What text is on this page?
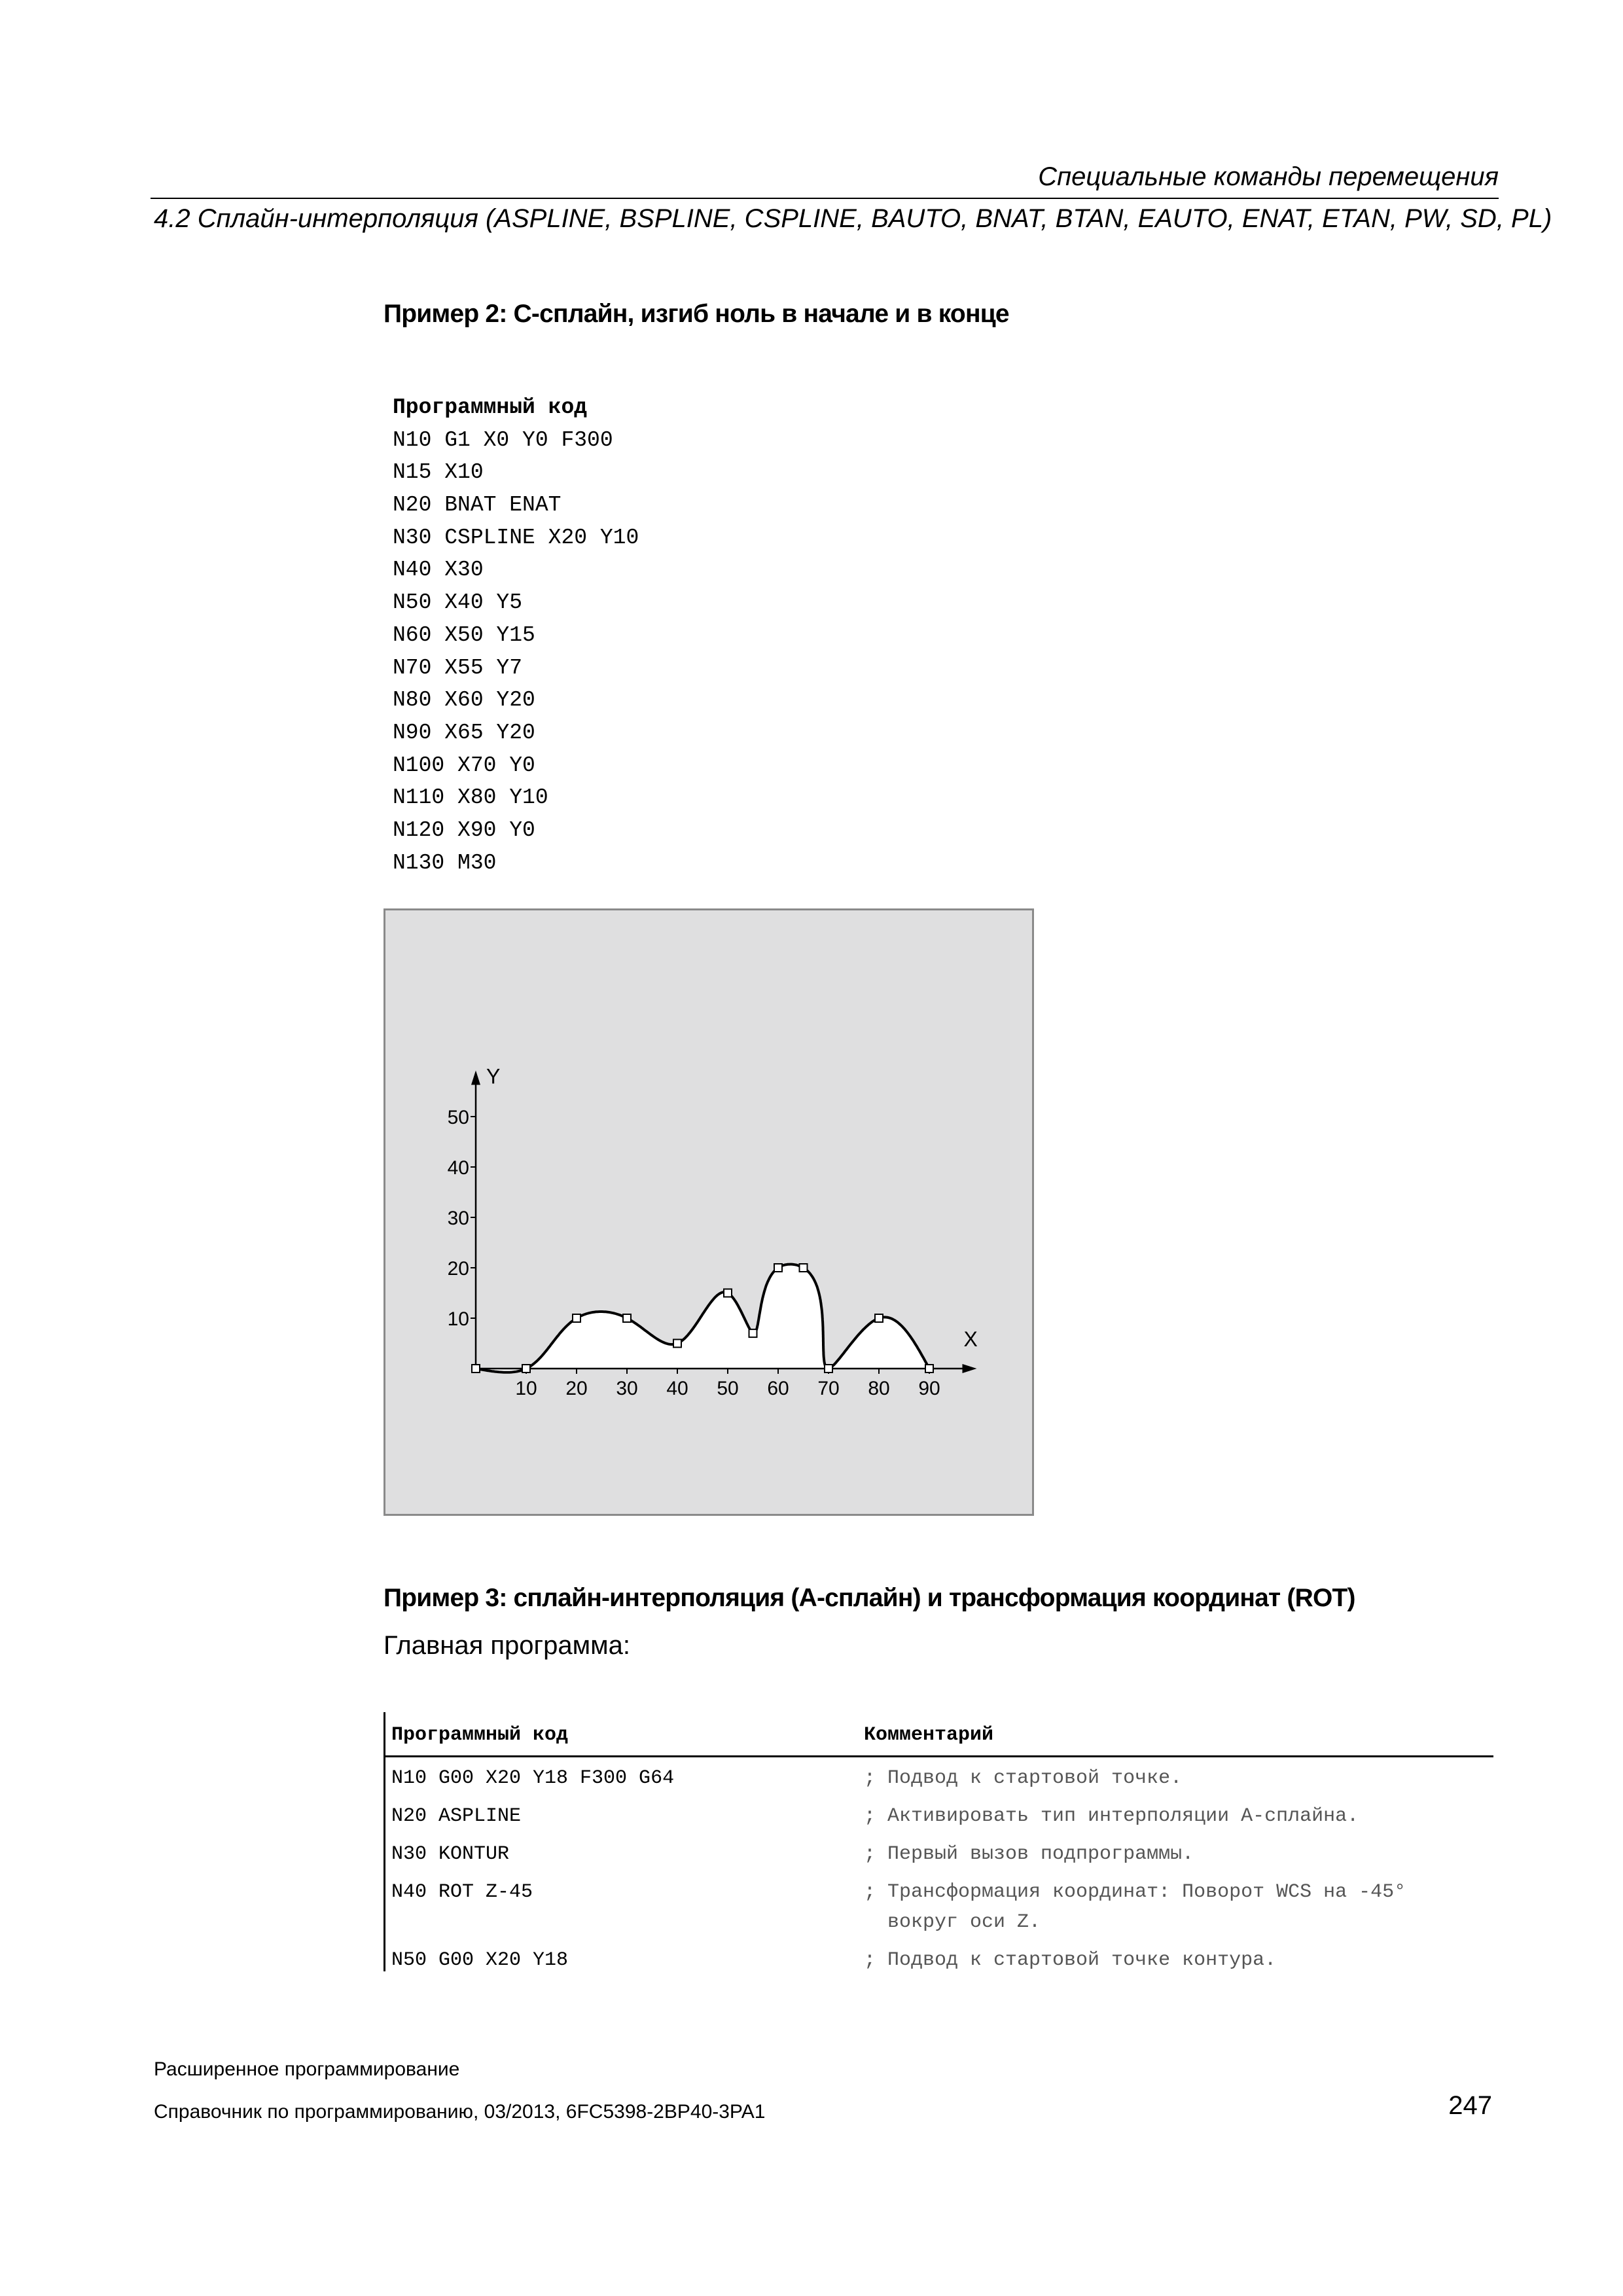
Специальные команды перемещения
4.2 Сплайн-интерполяция (ASPLINE, BSPLINE, CSPLINE, BAUTO, BNAT, BTAN, EAUTO, ENAT, ETAN, PW, SD, PL)
Пример 2: C-сплайн, изгиб ноль в начале и в конце
Программный код
N10 G1 X0 Y0 F300
N15 X10
N20 BNAT ENAT
N30 CSPLINE X20 Y10
N40 X30
N50 X40 Y5
N60 X50 Y15
N70 X55 Y7
N80 X60 Y20
N90 X65 Y20
N100 X70 Y0
N110 X80 Y10
N120 X90 Y0
N130 M30
10 20 30 40 50 60 70 80 90
10
20
30
40
50
X
Y
Пример 3: сплайн-интерполяция (A-сплайн) и трансформация координат (ROT)
Главная программа:
Программный код	Комментарий
N10 G00 X20 Y18 F300 G64	; Подвод к стартовой точке.
N20 ASPLINE	; Активировать тип интерполяции А-сплайна.
N30 KONTUR	; Первый вызов подпрограммы.
N40 ROT Z-45	; Трансформация координат: Поворот WCS на -45°
вокруг оси Z.
N50 G00 X20 Y18	; Подвод к стартовой точке контура.
Расширенное программирование
Справочник по программированию, 03/2013, 6FC5398-2BP40-3PA1	247
